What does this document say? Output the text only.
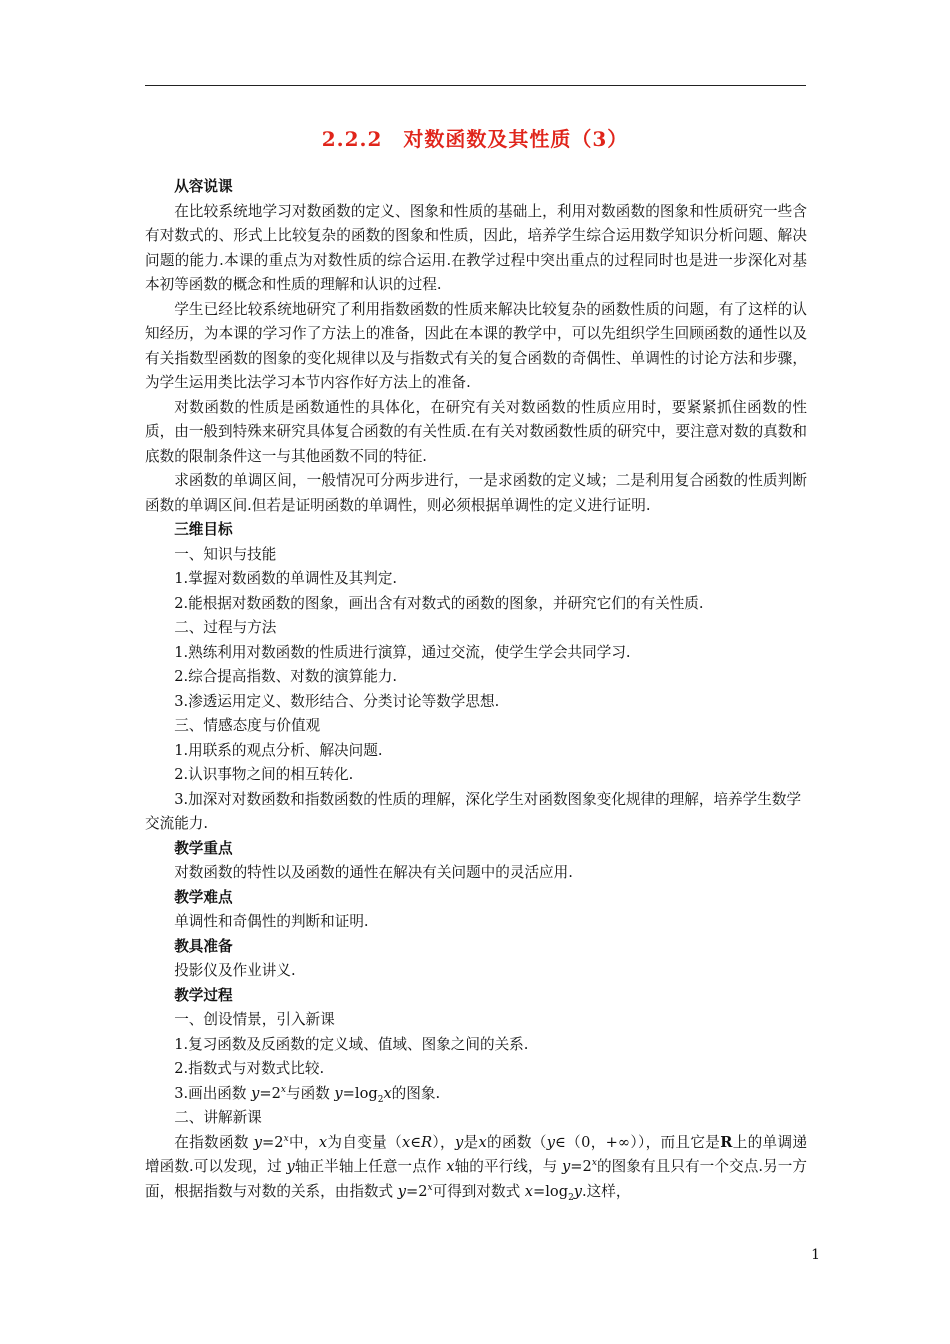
2.2.2　对数函数及其性质（3）

从容说课

在比较系统地学习对数函数的定义、图象和性质的基础上，利用对数函数的图象和性质研究一些含有对数式的、形式上比较复杂的函数的图象和性质，因此，培养学生综合运用数学知识分析问题、解决问题的能力.本课的重点为对数性质的综合运用.在教学过程中突出重点的过程同时也是进一步深化对基本初等函数的概念和性质的理解和认识的过程.

学生已经比较系统地研究了利用指数函数的性质来解决比较复杂的函数性质的问题，有了这样的认知经历，为本课的学习作了方法上的准备，因此在本课的教学中，可以先组织学生回顾函数的通性以及有关指数型函数的图象的变化规律以及与指数式有关的复合函数的奇偶性、单调性的讨论方法和步骤，为学生运用类比法学习本节内容作好方法上的准备.

对数函数的性质是函数通性的具体化，在研究有关对数函数的性质应用时，要紧紧抓住函数的性质，由一般到特殊来研究具体复合函数的有关性质.在有关对数函数性质的研究中，要注意对数的真数和底数的限制条件这一与其他函数不同的特征.

求函数的单调区间，一般情况可分两步进行，一是求函数的定义域；二是利用复合函数的性质判断函数的单调区间.但若是证明函数的单调性，则必须根据单调性的定义进行证明.

三维目标

一、知识与技能

1.掌握对数函数的单调性及其判定.

2.能根据对数函数的图象，画出含有对数式的函数的图象，并研究它们的有关性质.

二、过程与方法

1.熟练利用对数函数的性质进行演算，通过交流，使学生学会共同学习.

2.综合提高指数、对数的演算能力.

3.渗透运用定义、数形结合、分类讨论等数学思想.

三、情感态度与价值观

1.用联系的观点分析、解决问题.

2.认识事物之间的相互转化.

3.加深对对数函数和指数函数的性质的理解，深化学生对函数图象变化规律的理解，培养学生数学交流能力.

教学重点

对数函数的特性以及函数的通性在解决有关问题中的灵活应用.

教学难点

单调性和奇偶性的判断和证明.

教具准备

投影仪及作业讲义.

教学过程

一、创设情景，引入新课

1.复习函数及反函数的定义域、值域、图象之间的关系.

2.指数式与对数式比较.

3.画出函数 $y=2^x$与函数 $y=\log_2x$的图象.

二、讲解新课

在指数函数 $y=2^x$中，x为自变量（x∈R），y是x的函数（y∈（0，+∞）），而且它是R上的单调递增函数.可以发现，过 y轴正半轴上任意一点作 x轴的平行线，与 $y=2^x$的图象有且只有一个交点.另一方面，根据指数与对数的关系，由指数式 $y=2^x$可得到对数式 $x=\log_2y$.这样，

1
